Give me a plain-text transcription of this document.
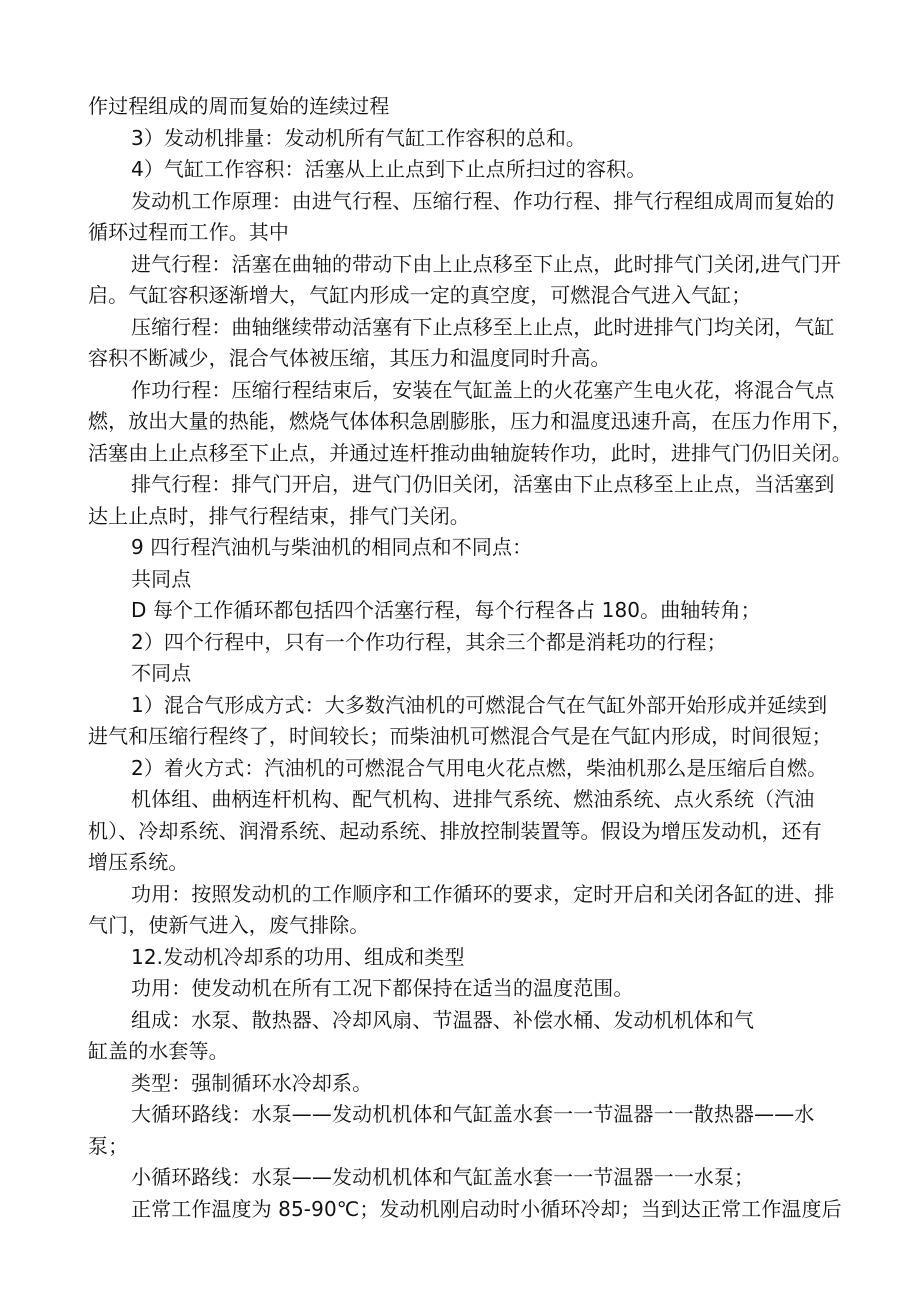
作过程组成的周而复始的连续过程
3）发动机排量：发动机所有气缸工作容积的总和。
4）气缸工作容积：活塞从上止点到下止点所扫过的容积。
发动机工作原理：由进气行程、压缩行程、作功行程、排气行程组成周而复始的
循环过程而工作。其中
进气行程：活塞在曲轴的带动下由上止点移至下止点，此时排气门关闭,进气门开
启。气缸容积逐渐增大，气缸内形成一定的真空度，可燃混合气进入气缸；
压缩行程：曲轴继续带动活塞有下止点移至上止点，此时进排气门均关闭，气缸
容积不断减少，混合气体被压缩，其压力和温度同时升高。
作功行程：压缩行程结束后，安装在气缸盖上的火花塞产生电火花，将混合气点
燃，放出大量的热能，燃烧气体体积急剧膨胀，压力和温度迅速升高，在压力作用下，
活塞由上止点移至下止点，并通过连杆推动曲轴旋转作功，此时，进排气门仍旧关闭。
排气行程：排气门开启，进气门仍旧关闭，活塞由下止点移至上止点，当活塞到
达上止点时，排气行程结束，排气门关闭。
9 四行程汽油机与柴油机的相同点和不同点：
共同点
D 每个工作循环都包括四个活塞行程，每个行程各占 180。曲轴转角；
2）四个行程中，只有一个作功行程，其余三个都是消耗功的行程；
不同点
1）混合气形成方式：大多数汽油机的可燃混合气在气缸外部开始形成并延续到
进气和压缩行程终了，时间较长；而柴油机可燃混合气是在气缸内形成，时间很短；
2）着火方式：汽油机的可燃混合气用电火花点燃，柴油机那么是压缩后自燃。
机体组、曲柄连杆机构、配气机构、进排气系统、燃油系统、点火系统（汽油
机）、冷却系统、润滑系统、起动系统、排放控制装置等。假设为增压发动机，还有
增压系统。
功用：按照发动机的工作顺序和工作循环的要求，定时开启和关闭各缸的进、排
气门，使新气进入，废气排除。
12.发动机冷却系的功用、组成和类型
功用：使发动机在所有工况下都保持在适当的温度范围。
组成：水泵、散热器、冷却风扇、节温器、补偿水桶、发动机机体和气
缸盖的水套等。
类型：强制循环水冷却系。
大循环路线：水泵——发动机机体和气缸盖水套一一节温器一一散热器——水
泵；
小循环路线：水泵——发动机机体和气缸盖水套一一节温器一一水泵；
正常工作温度为 85-90℃；发动机刚启动时小循环冷却；当到达正常工作温度后
